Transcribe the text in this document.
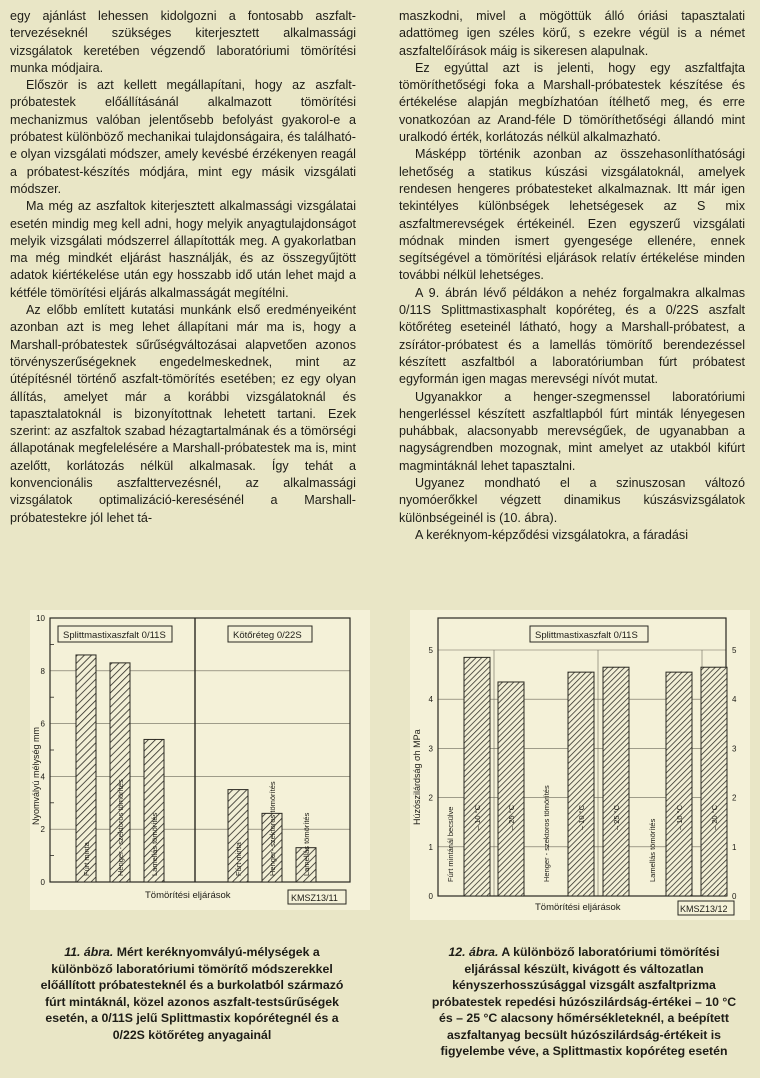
egy ajánlást lehessen kidolgozni a fontosabb aszfalt-tervezéseknél szükséges kiterjesztett alkalmassági vizsgálatok keretében végzendő laboratóriumi tömörítési munka módjaira.

Először is azt kellett megállapítani, hogy az aszfalt-próbatestek előállításánál alkalmazott tömörítési mechanizmus valóban jelentősebb befolyást gyakorol-e a próbatest különböző mechanikai tulajdonságaira, és található-e olyan vizsgálati módszer, amely kevésbé érzékenyen reagál a próbatest-készítés módjára, mint egy másik vizsgálati módszer.

Ma még az aszfaltok kiterjesztett alkalmassági vizsgálatai esetén mindig meg kell adni, hogy melyik anyagtulajdonságot melyik vizsgálati módszerrel állapították meg. A gyakorlatban ma még mindkét eljárást használják, és az összegyűjtött adatok kiértékelése után egy hosszabb idő után lehet majd a kétféle tömörítési eljárás alkalmasságát megítélni.

Az előbb említett kutatási munkánk első eredményeiként azonban azt is meg lehet állapítani már ma is, hogy a Marshall-próbatestek sűrűségváltozásai alapvetően azonos törvényszerűségeknek engedelmeskednek, mint az útépítésnél történő aszfalt-tömörítés esetében; ez egy olyan állítás, amelyet már a korábbi vizsgálatoknál és tapasztalatoknál is bizonyítottnak lehetett tartani. Ezek szerint: az aszfaltok szabad hézagtartalmának és a tömörségi állapotának megfelelésére a Marshall-próbatestek ma is, mint azelőtt, korlátozás nélkül alkalmasak. Így tehát a konvencionális aszfalttervezésnél, az alkalmassági vizsgálatok optimalizáció-keresésénél a Marshall-próbatestekre jól lehet tá-

maszkodni, mivel a mögöttük álló óriási tapasztalati adattömeg igen széles körű, s ezekre végül is a német aszfaltelőírások máig is sikeresen alapulnak.

Ez egyúttal azt is jelenti, hogy egy aszfaltfajta tömöríthetőségi foka a Marshall-próbatestek készítése és értékelése alapján megbízhatóan ítélhető meg, és erre vonatkozóan az Arand-féle D tömöríthetőségi állandó mint uralkodó érték, korlátozás nélkül alkalmazható.

Másképp történik azonban az összehasonlíthatósági lehetőség a statikus kúszási vizsgálatoknál, amelyek rendesen hengeres próbatesteket alkalmaznak. Itt már igen tekintélyes különbségek lehetségesek az S mix aszfaltmerevségek értékeinél. Ezen egyszerű vizsgálati módnak minden ismert gyengesége ellenére, ennek segítségével a tömörítési eljárások relatív értékelése minden további nélkül lehetséges.

A 9. ábrán lévő példákon a nehéz forgalmakra alkalmas 0/11S Splittmastixasphalt kopóréteg, és a 0/22S aszfalt kötőréteg eseteinél látható, hogy a Marshall-próbatest, a zsírátor-próbatest és a lamellás tömörítő berendezéssel készített aszfaltból a laboratóriumban fúrt próbatest egyformán igen magas merevségi nívót mutat.

Ugyanakkor a henger-szegmenssel laboratóriumi hengerléssel készített aszfaltlapból fúrt minták lényegesen puhábbak, alacsonyabb merevségűek, de ugyanabban a nagyságrendben mozognak, mint amelyet az utakból kifúrt magmintáknál lehet tapasztalni.

Ugyanez mondható el a szinuszosan változó nyomóerőkkel végzett dinamikus kúszásvizsgálatok különbségeinél is (10. ábra).

A keréknyom-képződési vizsgálatokra, a fáradási

0
2
4
6
8
10
Fúrt minta	Henger - szektoros tömörítés	Lamellás tömörítés	Fúrt minta	Henger- szektoros tömörítés	Lamellás tömörítés
Splittmastixaszfalt 0/11S	Kötőréteg 0/22S
Nyomvályú mélység mm
Tömörítési eljárások	KMSZ13/11	0	0
1	1
2	2
3	3
4	4
5	5
– 10 °C	– 25 °C	– 10 °C	– 25 °C	– 10 °C	– 20 °C
Fúrt mintánál becsülve	Henger - szektoros tömörítés	Lamellás tömörítés
Splittmastixaszfalt 0/11S
Húzószilárdság σh MPa
Tömörítési eljárások	KMSZ13/12
11. ábra. Mért keréknyomvályú-mélységek a különböző laboratóriumi tömörítő módszerekkel előállított próbatesteknél és a burkolatból származó fúrt mintáknál, közel azonos aszfalt-testsűrűségek esetén, a 0/11S jelű Splittmastix kopórétegnél és a 0/22S kötőréteg anyagainál
12. ábra. A különböző laboratóriumi tömörítési eljárással készült, kivágott és változatlan kényszerhosszúsággal vizsgált aszfaltprizma próbatestek repedési húzószilárdság-értékei – 10 °C és – 25 °C alacsony hőmérsékleteknél, a beépített aszfaltanyag becsült húzószilárdság-értékeit is figyelembe véve, a Splittmastix kopóréteg esetén
